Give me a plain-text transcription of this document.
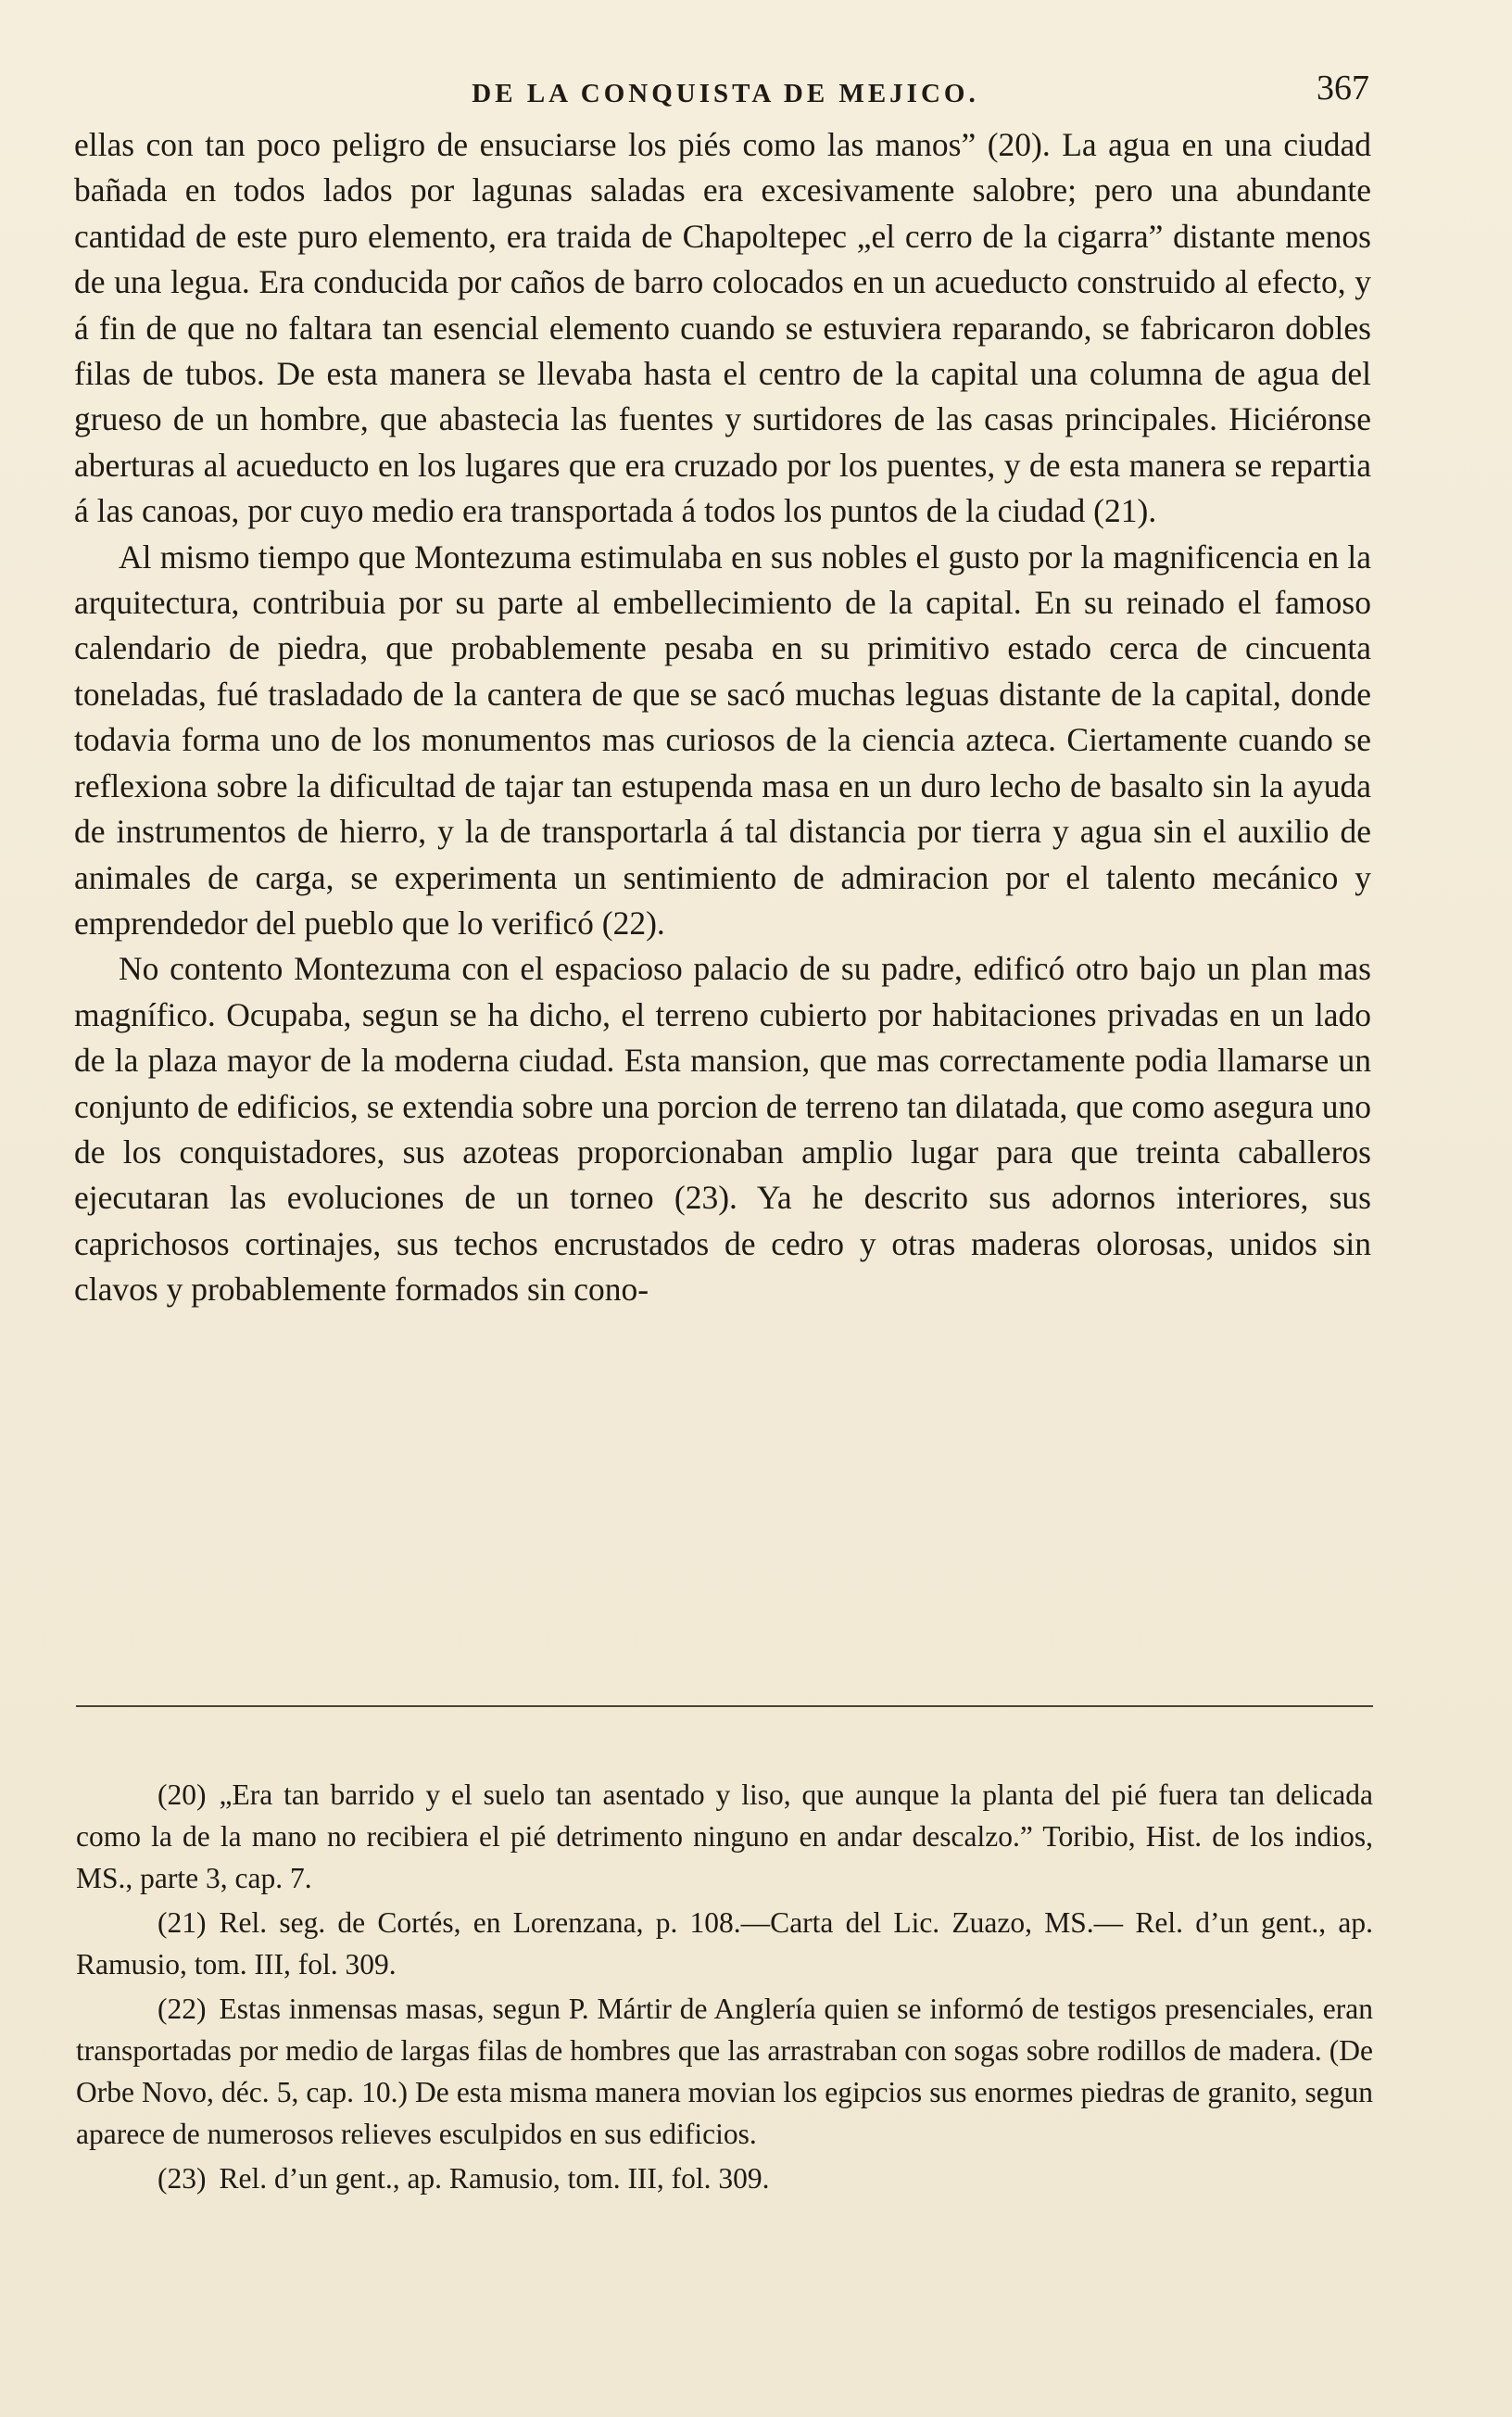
DE LA CONQUISTA DE MEJICO.	367

ellas con tan poco peligro de ensuciarse los piés como las manos” (20). La agua en una ciudad bañada en todos lados por lagunas saladas era excesivamente salobre; pero una abundante cantidad de este puro elemento, era traida de Chapoltepec „el cerro de la cigarra” distante menos de una legua. Era conducida por caños de barro colocados en un acueducto construido al efecto, y á fin de que no faltara tan esencial elemento cuando se estuviera reparando, se fabricaron dobles filas de tubos. De esta manera se llevaba hasta el centro de la capital una columna de agua del grueso de un hombre, que abastecia las fuentes y surtidores de las casas principales. Hiciéronse aberturas al acueducto en los lugares que era cruzado por los puentes, y de esta manera se repartia á las canoas, por cuyo medio era transportada á todos los puntos de la ciudad (21).

Al mismo tiempo que Montezuma estimulaba en sus nobles el gusto por la magnificencia en la arquitectura, contribuia por su parte al embellecimiento de la capital. En su reinado el famoso calendario de piedra, que probablemente pesaba en su primitivo estado cerca de cincuenta toneladas, fué trasladado de la cantera de que se sacó muchas leguas distante de la capital, donde todavia forma uno de los monumentos mas curiosos de la ciencia azteca. Ciertamente cuando se reflexiona sobre la dificultad de tajar tan estupenda masa en un duro lecho de basalto sin la ayuda de instrumentos de hierro, y la de transportarla á tal distancia por tierra y agua sin el auxilio de animales de carga, se experimenta un sentimiento de admiracion por el talento mecánico y emprendedor del pueblo que lo verificó (22).

No contento Montezuma con el espacioso palacio de su padre, edificó otro bajo un plan mas magnífico. Ocupaba, segun se ha dicho, el terreno cubierto por habitaciones privadas en un lado de la plaza mayor de la moderna ciudad. Esta mansion, que mas correctamente podia llamarse un conjunto de edificios, se extendia sobre una porcion de terreno tan dilatada, que como asegura uno de los conquistadores, sus azoteas proporcionaban amplio lugar para que treinta caballeros ejecutaran las evoluciones de un torneo (23). Ya he descrito sus adornos interiores, sus caprichosos cortinajes, sus techos encrustados de cedro y otras maderas olorosas, unidos sin clavos y probablemente formados sin cono-

(20) „Era tan barrido y el suelo tan asentado y liso, que aunque la planta del pié fuera tan delicada como la de la mano no recibiera el pié detrimento ninguno en andar descalzo.” Toribio, Hist. de los indios, MS., parte 3, cap. 7.

(21) Rel. seg. de Cortés, en Lorenzana, p. 108.—Carta del Lic. Zuazo, MS.— Rel. d’un gent., ap. Ramusio, tom. III, fol. 309.

(22) Estas inmensas masas, segun P. Mártir de Anglería quien se informó de testigos presenciales, eran transportadas por medio de largas filas de hombres que las arrastraban con sogas sobre rodillos de madera. (De Orbe Novo, déc. 5, cap. 10.) De esta misma manera movian los egipcios sus enormes piedras de granito, segun aparece de numerosos relieves esculpidos en sus edificios.

(23) Rel. d’un gent., ap. Ramusio, tom. III, fol. 309.
